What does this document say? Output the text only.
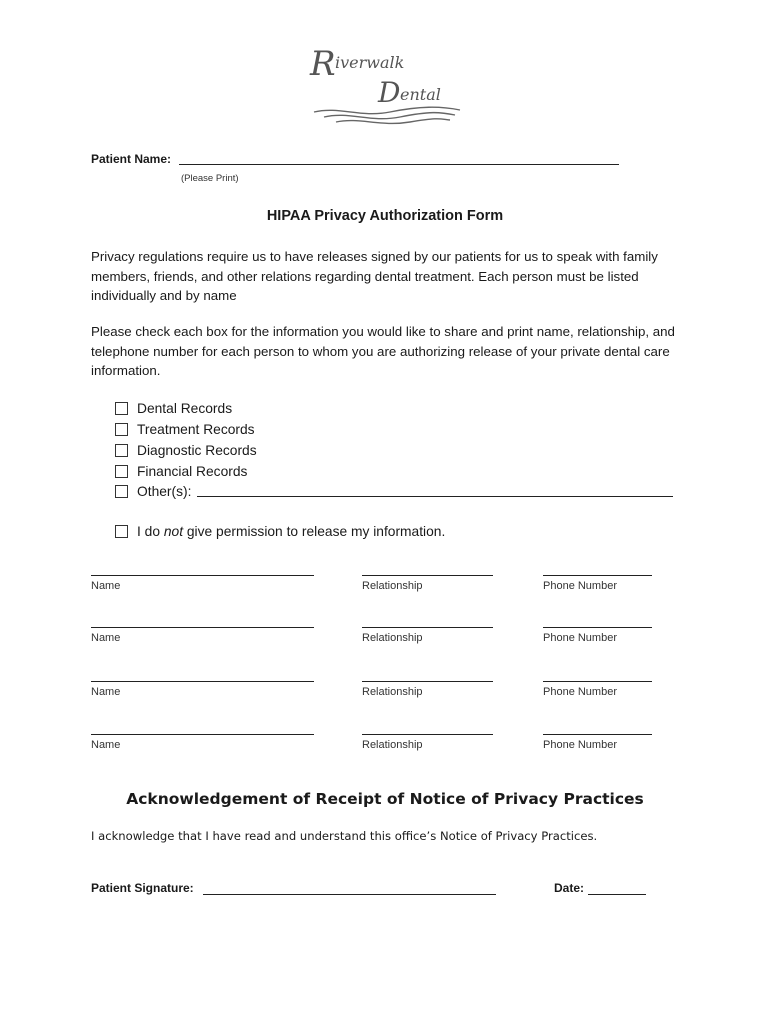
R iverwalk
D ental
Patient Name:
(Please Print)
HIPAA Privacy Authorization Form
Privacy regulations require us to have releases signed by our patients for us to speak with family members, friends, and other relations regarding dental treatment. Each person must be listed individually and by name
Please check each box for the information you would like to share and print name, relationship, and telephone number for each person to whom you are authorizing release of your private dental care information.
Dental Records
Treatment Records
Diagnostic Records
Financial Records
Other(s):
I do not give permission to release my information.
Name	Relationship	Phone Number
Name	Relationship	Phone Number
Name	Relationship	Phone Number
Name	Relationship	Phone Number
Acknowledgement of Receipt of Notice of Privacy Practices
I acknowledge that I have read and understand this office’s Notice of Privacy Practices.
Patient Signature:	Date:
